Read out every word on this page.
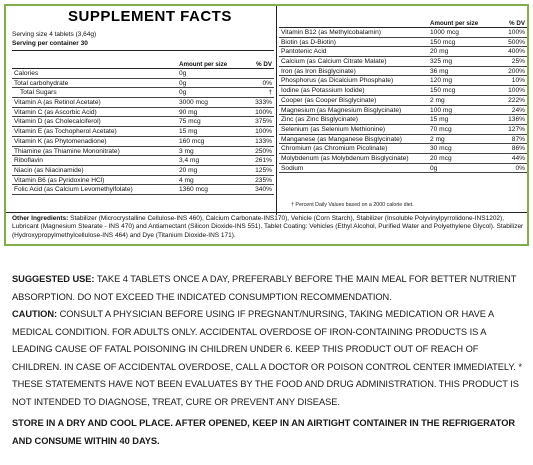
SUPPLEMENT FACTS
Serving size 4 tablets (3,64g)
Serving per container 30
Amount per size	% DV
Calories	0g
Total carbohydrate	0g	0%
Total Sugars	0g	†
Vitamin A (as Retinol Acetate)	3000 mcg	333%
Vitamin C (as Ascorbic Acid)	90 mg	100%
Vitamin D (as Cholecalciferol)	75 mcg	375%
Vitamin E (as Tochopherol Acetate)	15 mg	100%
Vitamin K (as Phytomenadione)	160 mcg	133%
Thiamine (as Thiamine Mononitrate)	3 mg	250%
Riboflavin	3,4 mg	261%
Niacin (as Niacinamide)	20 mg	125%
Vitamin B6 (as Pyridoxine HCl)	4 mg	235%
Folic Acid (as Calcium Levomethylfolate)	1360 mcg	340%
Amount per size	% DV
Vitamin B12 (as Methylcobalamin)	1000 mcg	100%
Biotin (as D-Biotin)	150 mcg	500%
Pantotenic Acid	20 mg	400%
Calcium (as Calcium Citrate Malate)	325 mg	25%
Iron (as Iron Bisglycinate)	36 mg	200%
Phosphorus (as Dicalcium Phosphate)	120 mg	10%
Iodine (as Potassium Iodide)	150 mcg	100%
Cooper (as Cooper Bisglycinate)	2 mg	222%
Magnesium (as Magnesium Bisglycinate)	100 mg	24%
Zinc (as Zinc Bisglycinate)	15 mg	136%
Selenium (as Selenium Methionine)	70 mcg	127%
Manganese (as Manganese Bisglycinate)	2 mg	87%
Chromium (as Chromium Picolinate)	30 mcg	86%
Molybdenum (as Molybdenum Bisglycinate)	20 mcg	44%
Sodium	0g	0%
† Percent Daily Values based on a 2000 calorie diet.
Other Ingredients: Stabilizer (Microcrystalline Cellulose-INS 460), Calcium Carbonate-INS170), Vehicle (Corn Starch), Stabilizer (Insoluble Polyvinylpyrrolidone-INS1202), Lubricant (Magnesium Stearate - INS 470) and Antiamectant (Silicon Dioxide-INS 551). Tablet Coating: Vehicles (Ethyl Alcohol, Purified Water and Polyethylene Glycol). Stabilizer (Hydroxypropylmethylcellulose-INS 464) and Dye (Titanium Dioxide-INS 171).

SUGGESTED USE: TAKE 4 TABLETS ONCE A DAY, PREFERABLY BEFORE THE MAIN MEAL FOR BETTER NUTRIENT ABSORPTION. DO NOT EXCEED THE INDICATED CONSUMPTION RECOMMENDATION.

CAUTION: CONSULT A PHYSICIAN BEFORE USING IF PREGNANT/NURSING, TAKING MEDICATION OR HAVE A MEDICAL CONDITION. FOR ADULTS ONLY. ACCIDENTAL OVERDOSE OF IRON-CONTAINING PRODUCTS IS A LEADING CAUSE OF FATAL POISONING IN CHILDREN UNDER 6. KEEP THIS PRODUCT OUT OF REACH OF CHILDREN. IN CASE OF ACCIDENTAL OVERDOSE, CALL A DOCTOR OR POISON CONTROL CENTER IMMEDIATELY. * THESE STATEMENTS HAVE NOT BEEN EVALUATES BY THE FOOD AND DRUG ADMINISTRATION. THIS PRODUCT IS NOT INTENDED TO DIAGNOSE, TREAT, CURE OR PREVENT ANY DISEASE.

STORE IN A DRY AND COOL PLACE. AFTER OPENED, KEEP IN AN AIRTIGHT CONTAINER IN THE REFRIGERATOR AND CONSUME WITHIN 40 DAYS.
